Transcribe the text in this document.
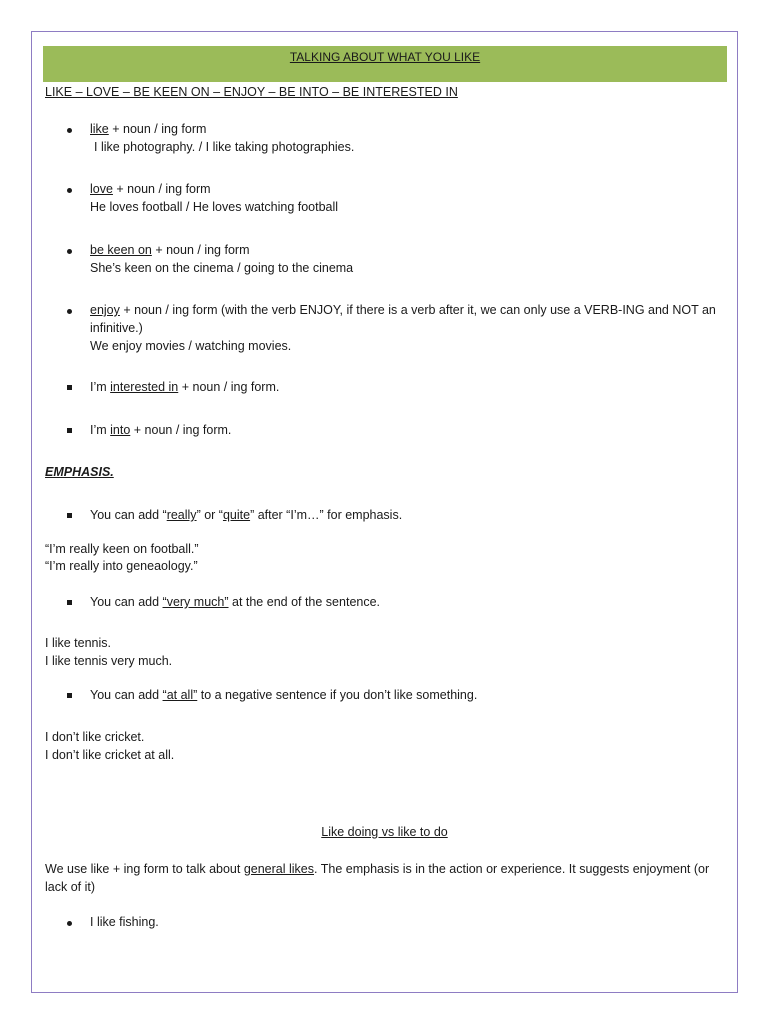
TALKING ABOUT WHAT YOU LIKE
LIKE – LOVE – BE KEEN ON – ENJOY – BE INTO – BE INTERESTED IN
like + noun / ing form
I like photography. / I like taking photographies.
love + noun / ing form
He loves football / He loves watching football
be keen on + noun / ing form
She’s keen on the cinema / going to the cinema
enjoy + noun / ing form (with the verb ENJOY, if there is a verb after it, we can only use a VERB-ING and NOT an infinitive.)
We enjoy movies / watching movies.
I’m interested in + noun / ing form.
I’m into + noun / ing form.
EMPHASIS.
You can add “really” or “quite” after “I’m…” for emphasis.
“I’m really keen on football.”
“I’m really into geneaology.”
You can add “very much” at the end of the sentence.
I like tennis.
I like tennis very much.
You can add “at all” to a negative sentence if you don’t like something.
I don’t like cricket.
I don’t like cricket at all.
Like doing vs like to do
We use like + ing form to talk about general likes. The emphasis is in the action or experience. It suggests enjoyment (or lack of it)
I like fishing.
